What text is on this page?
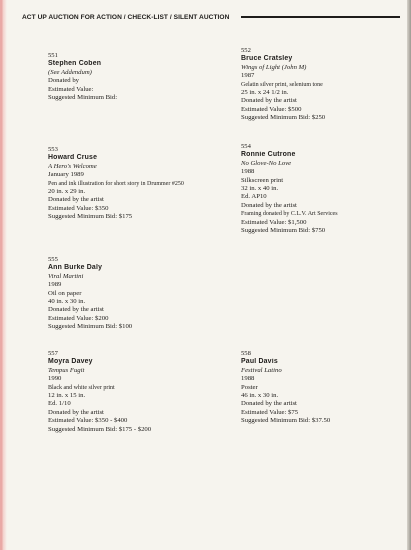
ACT UP AUCTION FOR ACTION / CHECK-LIST / SILENT AUCTION
551
Stephen Coben
(See Addendum)
Donated by
Estimated Value:
Suggested Minimum Bid:
552
Bruce Cratsley
Wings of Light (John M)
1987
Gelatin silver print, selenium tone
25 in. x 24 1/2 in.
Donated by the artist
Estimated Value: $500
Suggested Minimum Bid: $250
553
Howard Cruse
A Hero's Welcome
January 1989
Pen and ink illustration for short story in Drummer #250
20 in. x 29 in.
Donated by the artist
Estimated Value: $350
Suggested Minimum Bid: $175
554
Ronnie Cutrone
No Glove-No Love
1988
Silkscreen print
32 in. x 40 in.
Ed. AP10
Donated by the artist
Framing donated by C.L.V. Art Services
Estimated Value: $1,500
Suggested Minimum Bid: $750
555
Ann Burke Daly
Viral Martini
1989
Oil on paper
40 in. x 30 in.
Donated by the artist
Estimated Value: $200
Suggested Minimum Bid: $100
557
Moyra Davey
Tempus Fugit
1990
Black and white silver print
12 in. x 15 in.
Ed. 1/10
Donated by the artist
Estimated Value: $350 - $400
Suggested Minimum Bid: $175 - $200
558
Paul Davis
Festival Latino
1988
Poster
46 in. x 30 in.
Donated by the artist
Estimated Value: $75
Suggested Minimum Bid: $37.50
